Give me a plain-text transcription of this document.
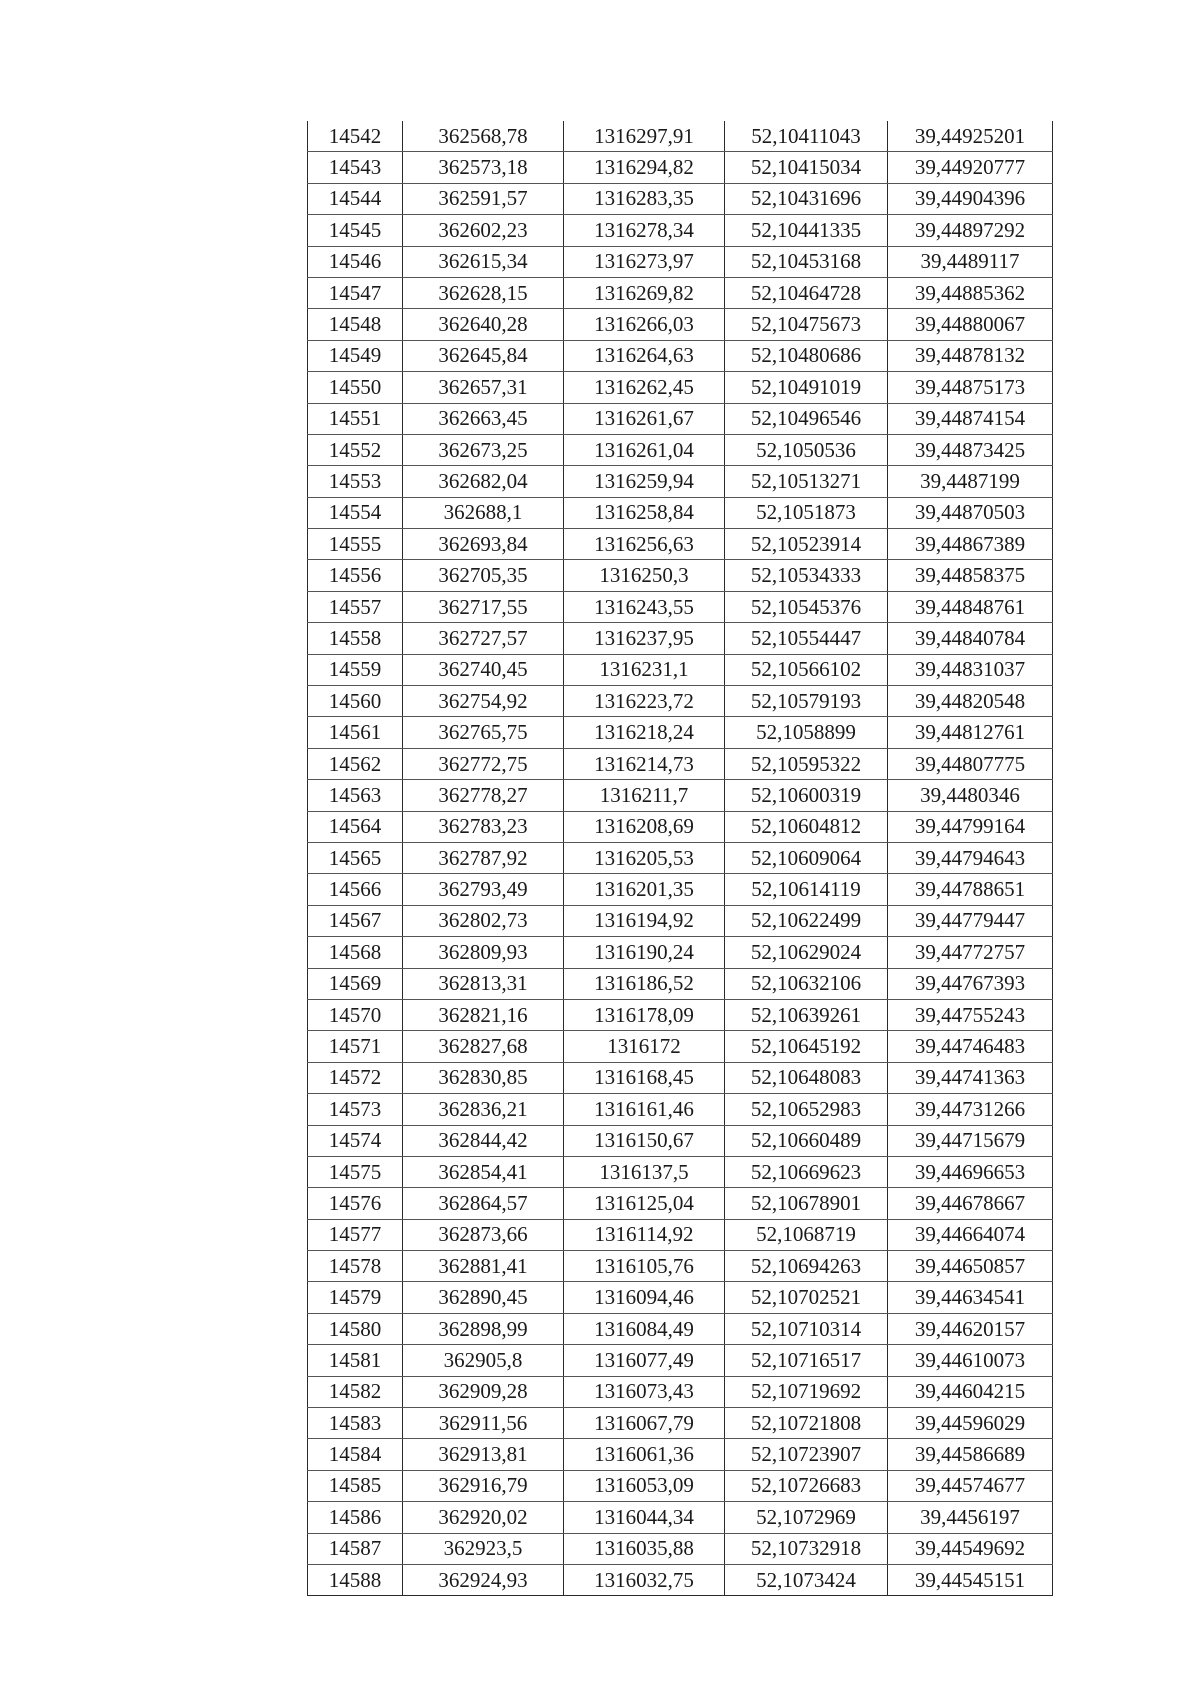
14542	362568,78	1316297,91	52,10411043	39,44925201
14543	362573,18	1316294,82	52,10415034	39,44920777
14544	362591,57	1316283,35	52,10431696	39,44904396
14545	362602,23	1316278,34	52,10441335	39,44897292
14546	362615,34	1316273,97	52,10453168	39,4489117
14547	362628,15	1316269,82	52,10464728	39,44885362
14548	362640,28	1316266,03	52,10475673	39,44880067
14549	362645,84	1316264,63	52,10480686	39,44878132
14550	362657,31	1316262,45	52,10491019	39,44875173
14551	362663,45	1316261,67	52,10496546	39,44874154
14552	362673,25	1316261,04	52,1050536	39,44873425
14553	362682,04	1316259,94	52,10513271	39,4487199
14554	362688,1	1316258,84	52,1051873	39,44870503
14555	362693,84	1316256,63	52,10523914	39,44867389
14556	362705,35	1316250,3	52,10534333	39,44858375
14557	362717,55	1316243,55	52,10545376	39,44848761
14558	362727,57	1316237,95	52,10554447	39,44840784
14559	362740,45	1316231,1	52,10566102	39,44831037
14560	362754,92	1316223,72	52,10579193	39,44820548
14561	362765,75	1316218,24	52,1058899	39,44812761
14562	362772,75	1316214,73	52,10595322	39,44807775
14563	362778,27	1316211,7	52,10600319	39,4480346
14564	362783,23	1316208,69	52,10604812	39,44799164
14565	362787,92	1316205,53	52,10609064	39,44794643
14566	362793,49	1316201,35	52,10614119	39,44788651
14567	362802,73	1316194,92	52,10622499	39,44779447
14568	362809,93	1316190,24	52,10629024	39,44772757
14569	362813,31	1316186,52	52,10632106	39,44767393
14570	362821,16	1316178,09	52,10639261	39,44755243
14571	362827,68	1316172	52,10645192	39,44746483
14572	362830,85	1316168,45	52,10648083	39,44741363
14573	362836,21	1316161,46	52,10652983	39,44731266
14574	362844,42	1316150,67	52,10660489	39,44715679
14575	362854,41	1316137,5	52,10669623	39,44696653
14576	362864,57	1316125,04	52,10678901	39,44678667
14577	362873,66	1316114,92	52,1068719	39,44664074
14578	362881,41	1316105,76	52,10694263	39,44650857
14579	362890,45	1316094,46	52,10702521	39,44634541
14580	362898,99	1316084,49	52,10710314	39,44620157
14581	362905,8	1316077,49	52,10716517	39,44610073
14582	362909,28	1316073,43	52,10719692	39,44604215
14583	362911,56	1316067,79	52,10721808	39,44596029
14584	362913,81	1316061,36	52,10723907	39,44586689
14585	362916,79	1316053,09	52,10726683	39,44574677
14586	362920,02	1316044,34	52,1072969	39,4456197
14587	362923,5	1316035,88	52,10732918	39,44549692
14588	362924,93	1316032,75	52,1073424	39,44545151
